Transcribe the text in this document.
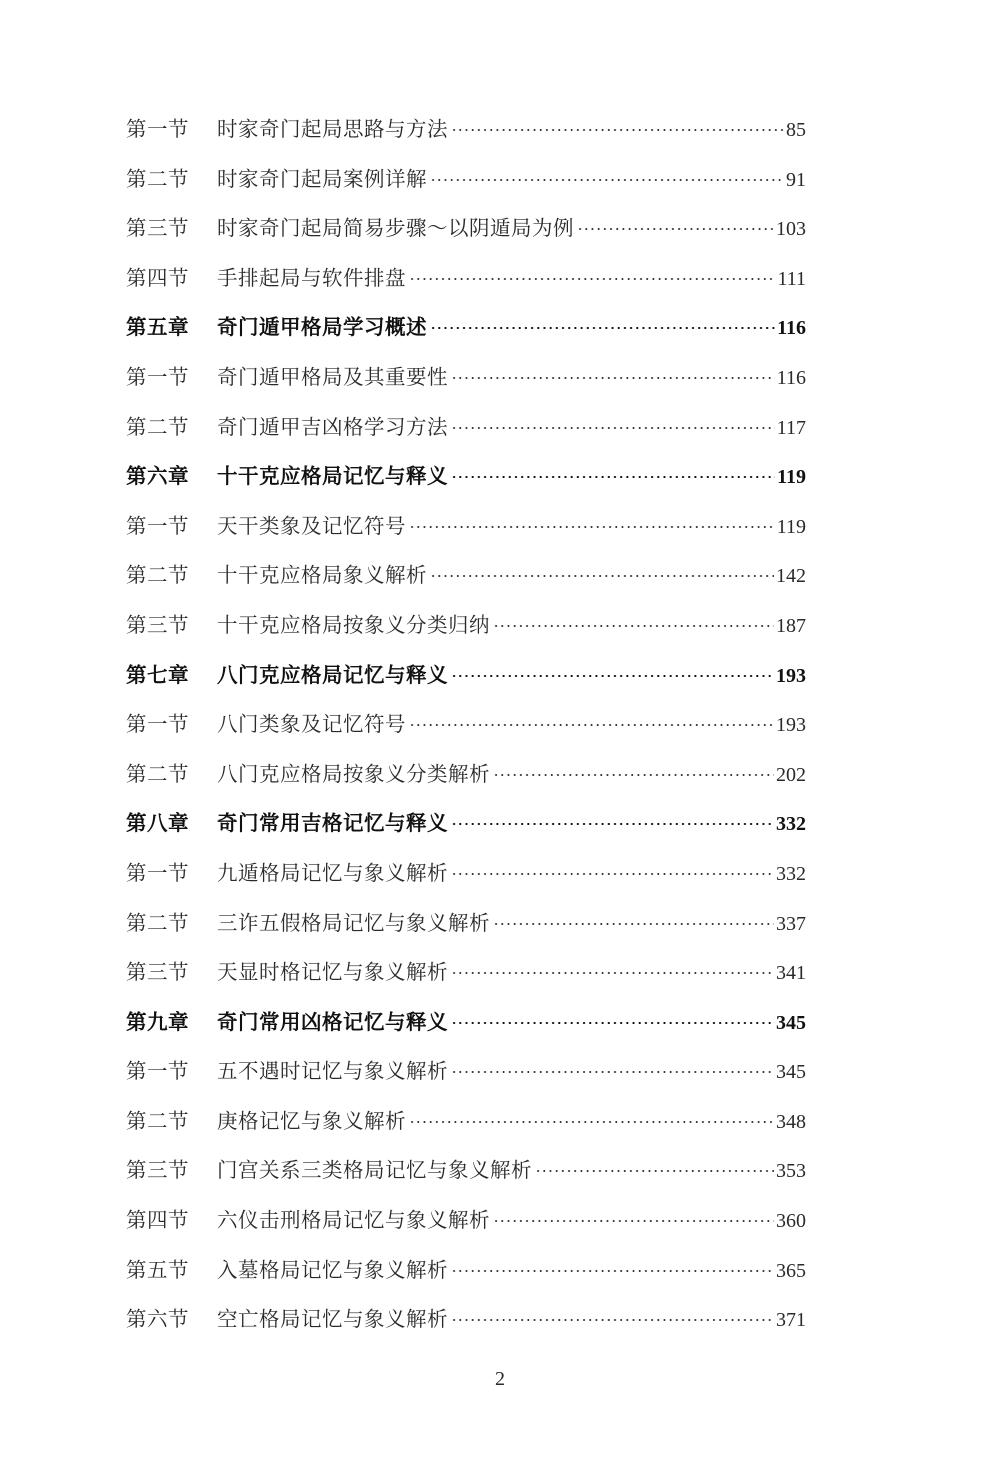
第一节	时家奇门起局思路与方法	85
第二节	时家奇门起局案例详解	91
第三节	时家奇门起局简易步骤～以阴遁局为例	103
第四节	手排起局与软件排盘	111
第五章	奇门遁甲格局学习概述	116
第一节	奇门遁甲格局及其重要性	116
第二节	奇门遁甲吉凶格学习方法	117
第六章	十干克应格局记忆与释义	119
第一节	天干类象及记忆符号	119
第二节	十干克应格局象义解析	142
第三节	十干克应格局按象义分类归纳	187
第七章	八门克应格局记忆与释义	193
第一节	八门类象及记忆符号	193
第二节	八门克应格局按象义分类解析	202
第八章	奇门常用吉格记忆与释义	332
第一节	九遁格局记忆与象义解析	332
第二节	三诈五假格局记忆与象义解析	337
第三节	天显时格记忆与象义解析	341
第九章	奇门常用凶格记忆与释义	345
第一节	五不遇时记忆与象义解析	345
第二节	庚格记忆与象义解析	348
第三节	门宫关系三类格局记忆与象义解析	353
第四节	六仪击刑格局记忆与象义解析	360
第五节	入墓格局记忆与象义解析	365
第六节	空亡格局记忆与象义解析	371
2
